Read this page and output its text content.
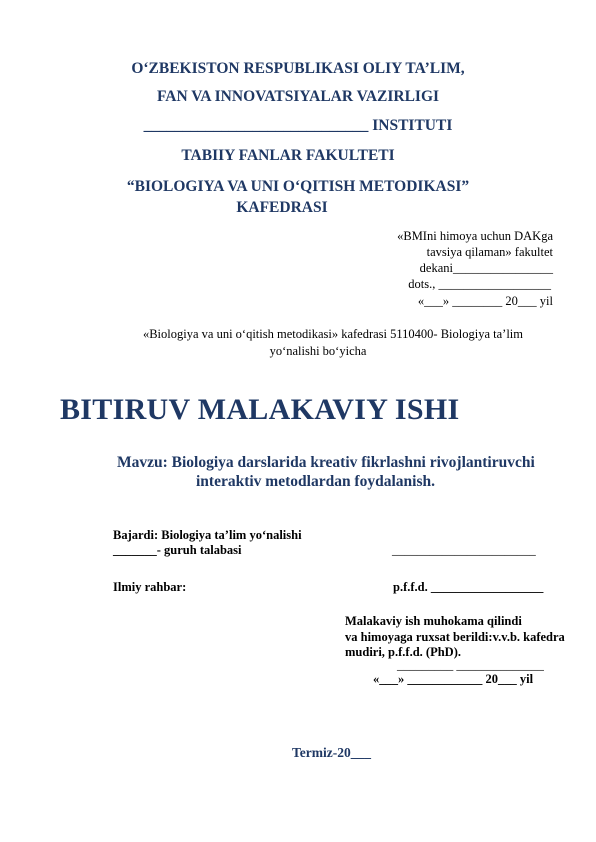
O‘ZBEKISTON RESPUBLIKASI OLIY TA’LIM,
FAN VA INNOVATSIYALAR VAZIRLIGI
_____________________________ INSTITUTI
TABIIY FANLAR FAKULTETI
“BIOLOGIYA VA UNI O‘QITISH METODIKASI”
KAFEDRASI
«BMIni himoya uchun DAKga
tavsiya qilaman» fakultet
dekani________________
dots., __________________
«___» ________ 20___ yil
«Biologiya va uni o‘qitish metodikasi» kafedrasi 5110400- Biologiya ta’lim
yo‘nalishi bo‘yicha
BITIRUV MALAKAVIY ISHI
Mavzu: Biologiya darslarida kreativ fikrlashni rivojlantiruvchi
interaktiv metodlardan foydalanish.
Bajardi: Biologiya ta’lim yo‘nalishi
_______- guruh talabasi	_______________________
Ilmiy rahbar:	p.f.f.d. __________________
Malakaviy ish muhokama qilindi
va himoyaga ruxsat berildi:v.v.b. kafedra
mudiri, p.f.f.d. (PhD).
_________ ______________
«___» ____________ 20___ yil
Termiz-20___
